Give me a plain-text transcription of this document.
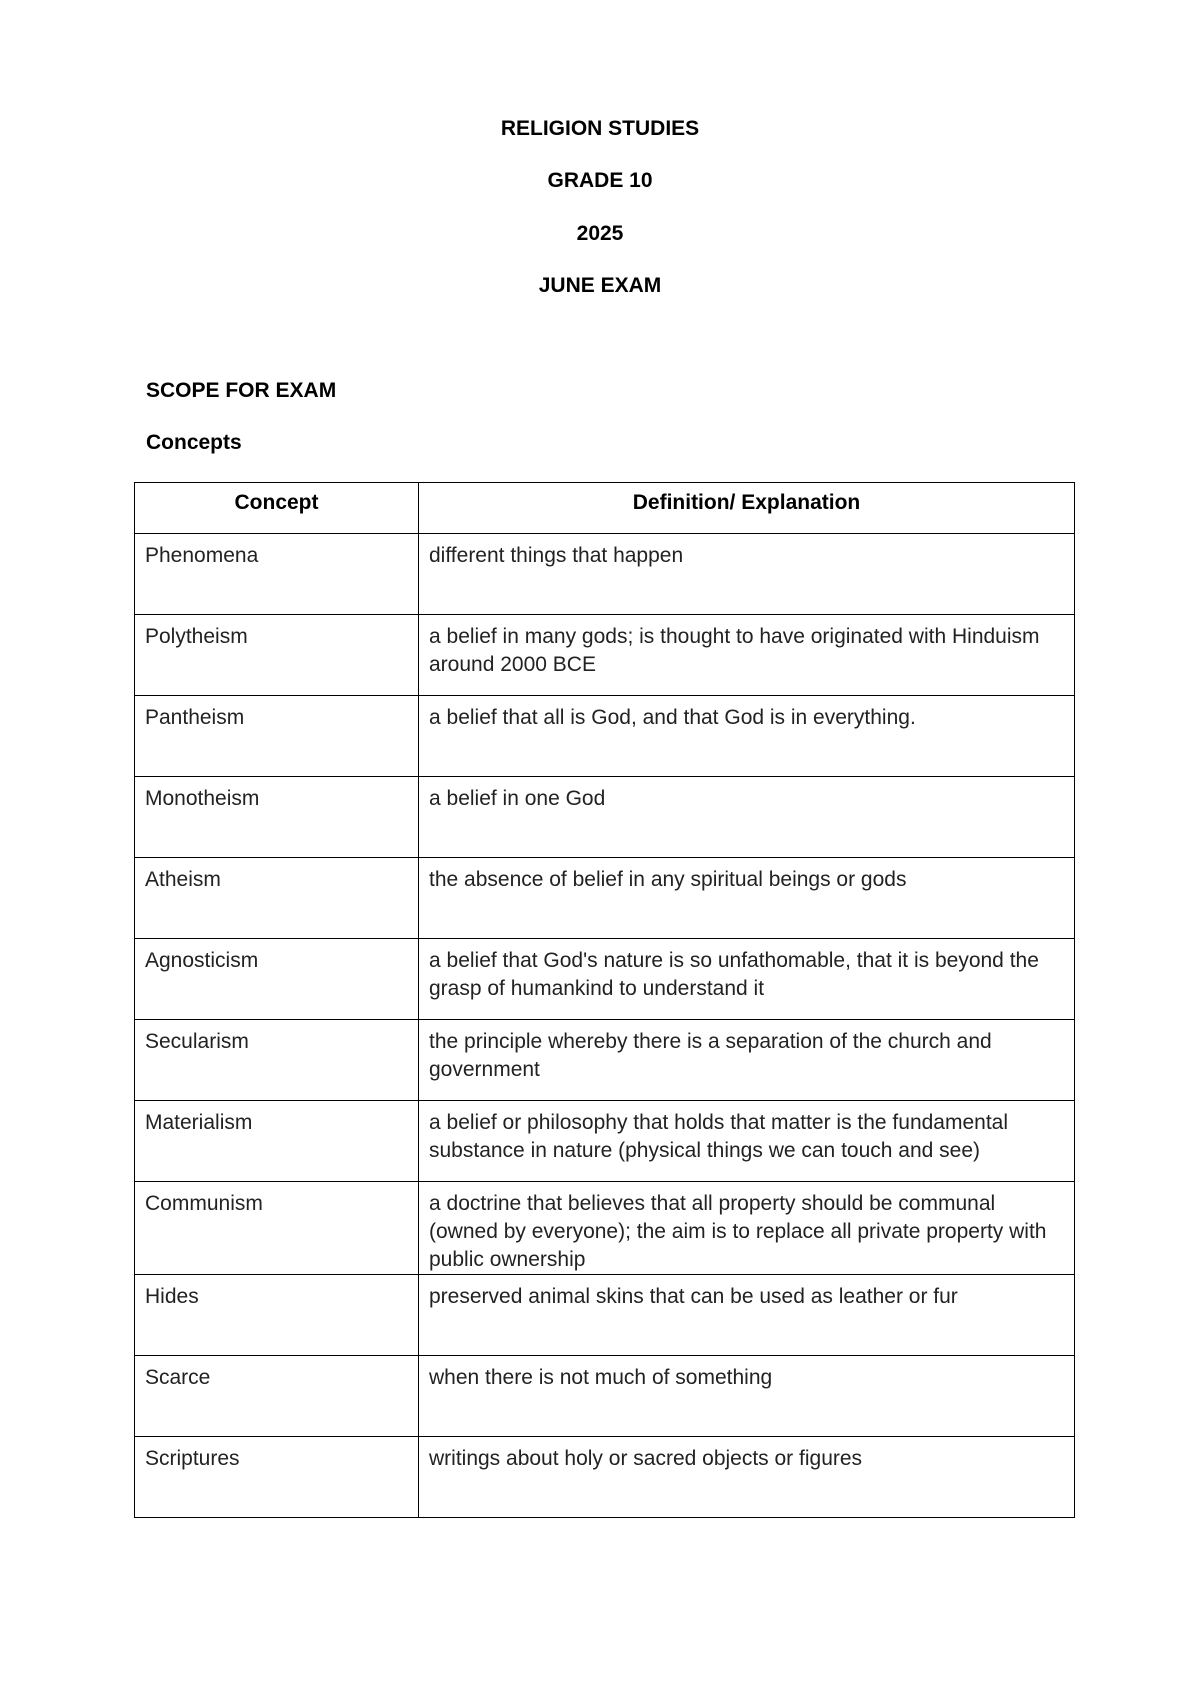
RELIGION STUDIES
GRADE 10
2025
JUNE EXAM
SCOPE FOR EXAM
Concepts
Concept	Definition/ Explanation
Phenomena	different things that happen
Polytheism	a belief in many gods; is thought to have originated with Hinduism around 2000 BCE
Pantheism	a belief that all is God, and that God is in everything.
Monotheism	a belief in one God
Atheism	the absence of belief in any spiritual beings or gods
Agnosticism	a belief that God's nature is so unfathomable, that it is beyond the grasp of humankind to understand it
Secularism	the principle whereby there is a separation of the church and government
Materialism	a belief or philosophy that holds that matter is the fundamental substance in nature (physical things we can touch and see)
Communism	a doctrine that believes that all property should be communal (owned by everyone); the aim is to replace all private property with public ownership
Hides	preserved animal skins that can be used as leather or fur
Scarce	when there is not much of something
Scriptures	writings about holy or sacred objects or figures
